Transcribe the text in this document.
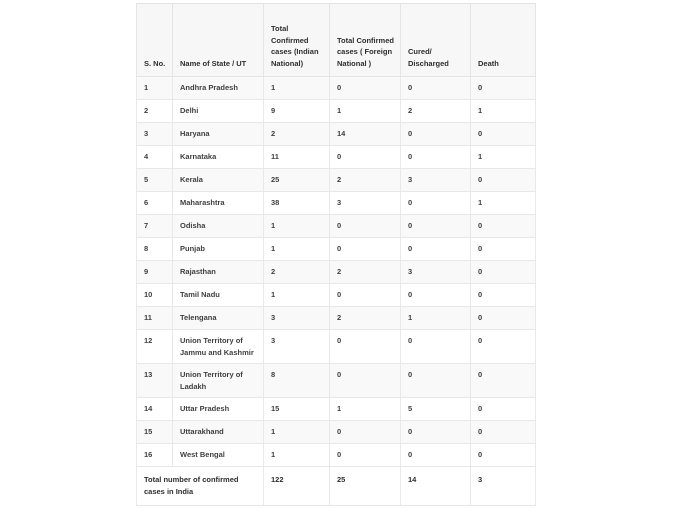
S. No.	Name of State / UT	Total Confirmed cases (Indian National)	Total Confirmed cases ( Foreign National )	Cured/ Discharged	Death
1	Andhra Pradesh	1	0	0	0
2	Delhi	9	1	2	1
3	Haryana	2	14	0	0
4	Karnataka	11	0	0	1
5	Kerala	25	2	3	0
6	Maharashtra	38	3	0	1
7	Odisha	1	0	0	0
8	Punjab	1	0	0	0
9	Rajasthan	2	2	3	0
10	Tamil Nadu	1	0	0	0
11	Telengana	3	2	1	0
12	Union Territory of Jammu and Kashmir	3	0	0	0
13	Union Territory of Ladakh	8	0	0	0
14	Uttar Pradesh	15	1	5	0
15	Uttarakhand	1	0	0	0
16	West Bengal	1	0	0	0
Total number of confirmed cases in India		122	25	14	3
